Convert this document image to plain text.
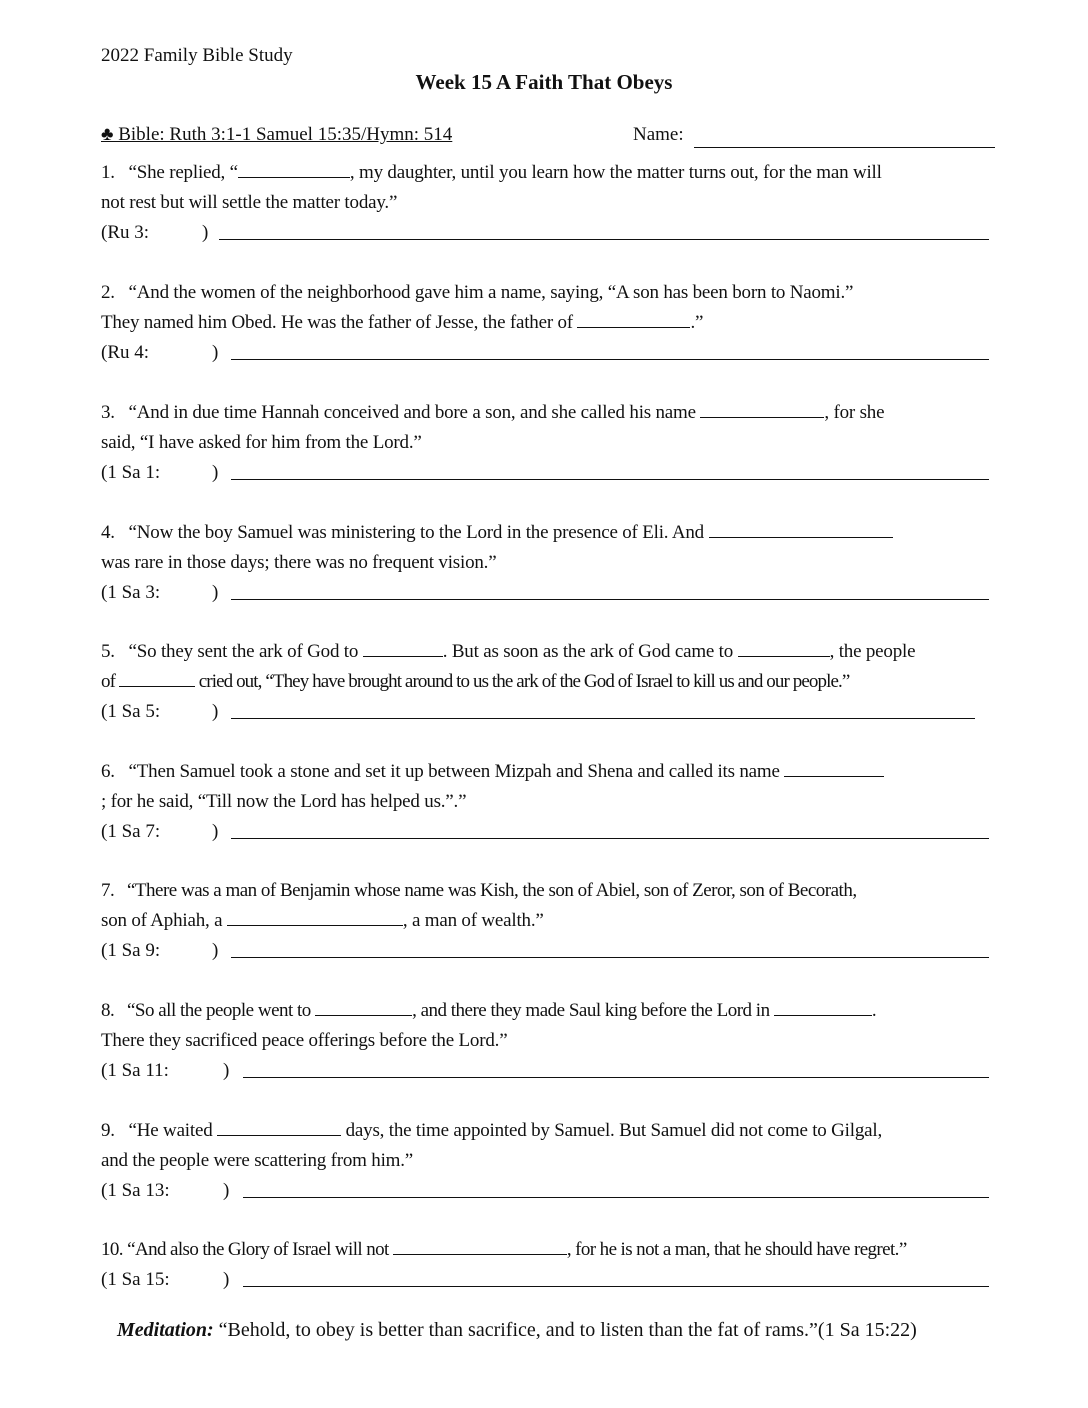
2022 Family Bible Study
Week 15 A Faith That Obeys
♣ Bible: Ruth 3:1-1 Samuel 15:35/Hymn: 514	Name:
1. “She replied, “	, my daughter, until you learn how the matter turns out, for the man will
not rest but will settle the matter today.”
(Ru 3:	)
2. “And the women of the neighborhood gave him a name, saying, “A son has been born to Naomi.”
They named him Obed. He was the father of Jesse, the father of	.”
(Ru 4:	)
3. “And in due time Hannah conceived and bore a son, and she called his name	, for she
said, “I have asked for him from the Lord.”
(1 Sa 1:	)
4. “Now the boy Samuel was ministering to the Lord in the presence of Eli. And
was rare in those days; there was no frequent vision.”
(1 Sa 3:	)
5. “So they sent the ark of God to	. But as soon as the ark of God came to	, the people
of	cried out, “They have brought around to us the ark of the God of Israel to kill us and our people.”
(1 Sa 5:	)
6. “Then Samuel took a stone and set it up between Mizpah and Shena and called its name
; for he said, “Till now the Lord has helped us.”.”
(1 Sa 7:	)
7. “There was a man of Benjamin whose name was Kish, the son of Abiel, son of Zeror, son of Becorath,
son of Aphiah, a	, a man of wealth.”
(1 Sa 9:	)
8. “So all the people went to	, and there they made Saul king before the Lord in	.
There they sacrificed peace offerings before the Lord.”
(1 Sa 11:	)
9. “He waited	days, the time appointed by Samuel. But Samuel did not come to Gilgal,
and the people were scattering from him.”
(1 Sa 13:	)
10. “And also the Glory of Israel will not	, for he is not a man, that he should have regret.”
(1 Sa 15:	)
Meditation: “Behold, to obey is better than sacrifice, and to listen than the fat of rams.”(1 Sa 15:22)
